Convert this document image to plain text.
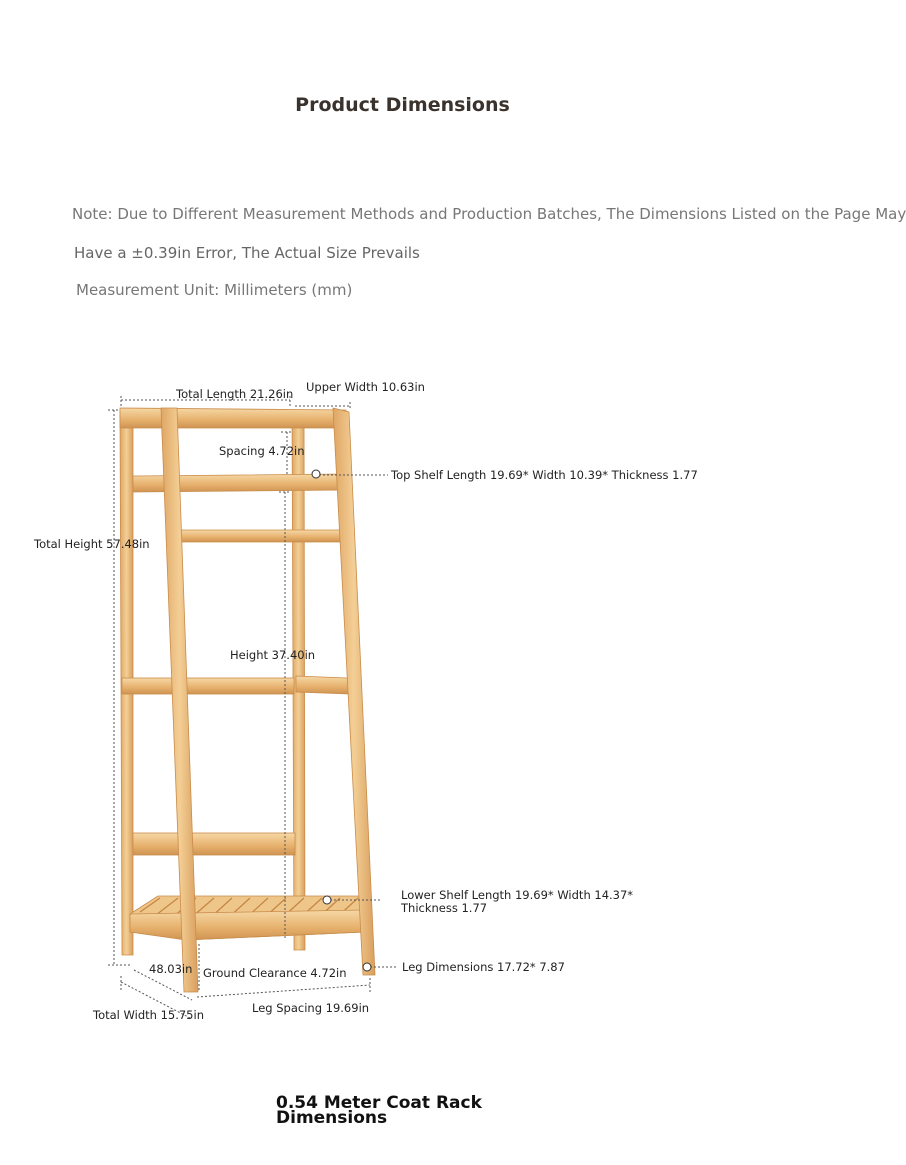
Product Dimensions
Note: Due to Different Measurement Methods and Production Batches, The Dimensions Listed on the Page May
Have a ±0.39in Error, The Actual Size Prevails
Measurement Unit: Millimeters (mm)
Total Length 21.26in Upper Width 10.63in
Spacing 4.72in
Top Shelf Length 19.69* Width 10.39* Thickness 1.77
Total Height 57.48in
Height 37.40in
Lower Shelf Length 19.69* Width 14.37*
Thickness 1.77
Leg Dimensions 17.72* 7.87
48.03in Ground Clearance 4.72in
Total Width 15.75in	Leg Spacing 19.69in
0.54 Meter Coat Rack
Dimensions
